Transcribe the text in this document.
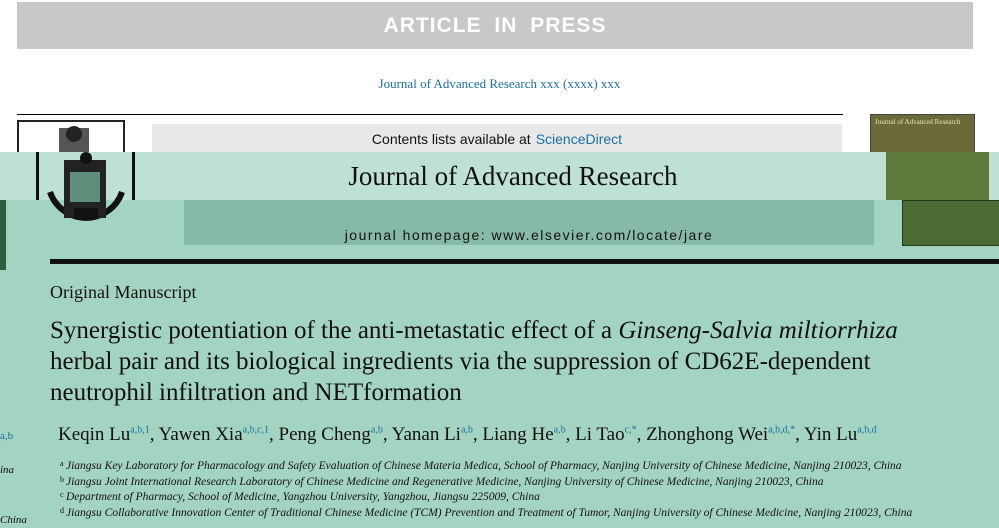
ARTICLE IN PRESS
Journal of Advanced Research xxx (xxxx) xxx
Contents lists available at ScienceDirect
Journal of Advanced Research
Journal of Advanced Research
journal homepage: www.elsevier.com/locate/jare
Original Manuscript
Synergistic potentiation of the anti-metastatic effect of a Ginseng-Salvia miltiorrhiza herbal pair and its biological ingredients via the suppression of CD62E-dependent neutrophil infiltration and NETformation
Keqin Lu$^{a,b,1}$, Yawen Xia$^{a,b,c,1}$, Peng Cheng$^{a,b}$, Yanan Li$^{a,b}$, Liang He$^{a,b}$, Li Tao$^{c,*}$, Zhonghong Wei$^{a,b,d,*}$, Yin Lu$^{a,b,d}$
a Jiangsu Key Laboratory for Pharmacology and Safety Evaluation of Chinese Materia Medica, School of Pharmacy, Nanjing University of Chinese Medicine, Nanjing 210023, China
b Jiangsu Joint International Research Laboratory of Chinese Medicine and Regenerative Medicine, Nanjing University of Chinese Medicine, Nanjing 210023, China
c Department of Pharmacy, School of Medicine, Yangzhou University, Yangzhou, Jiangsu 225009, China
d Jiangsu Collaborative Innovation Center of Traditional Chinese Medicine (TCM) Prevention and Treatment of Tumor, Nanjing University of Chinese Medicine, Nanjing 210023, China
a,b
ina
China
